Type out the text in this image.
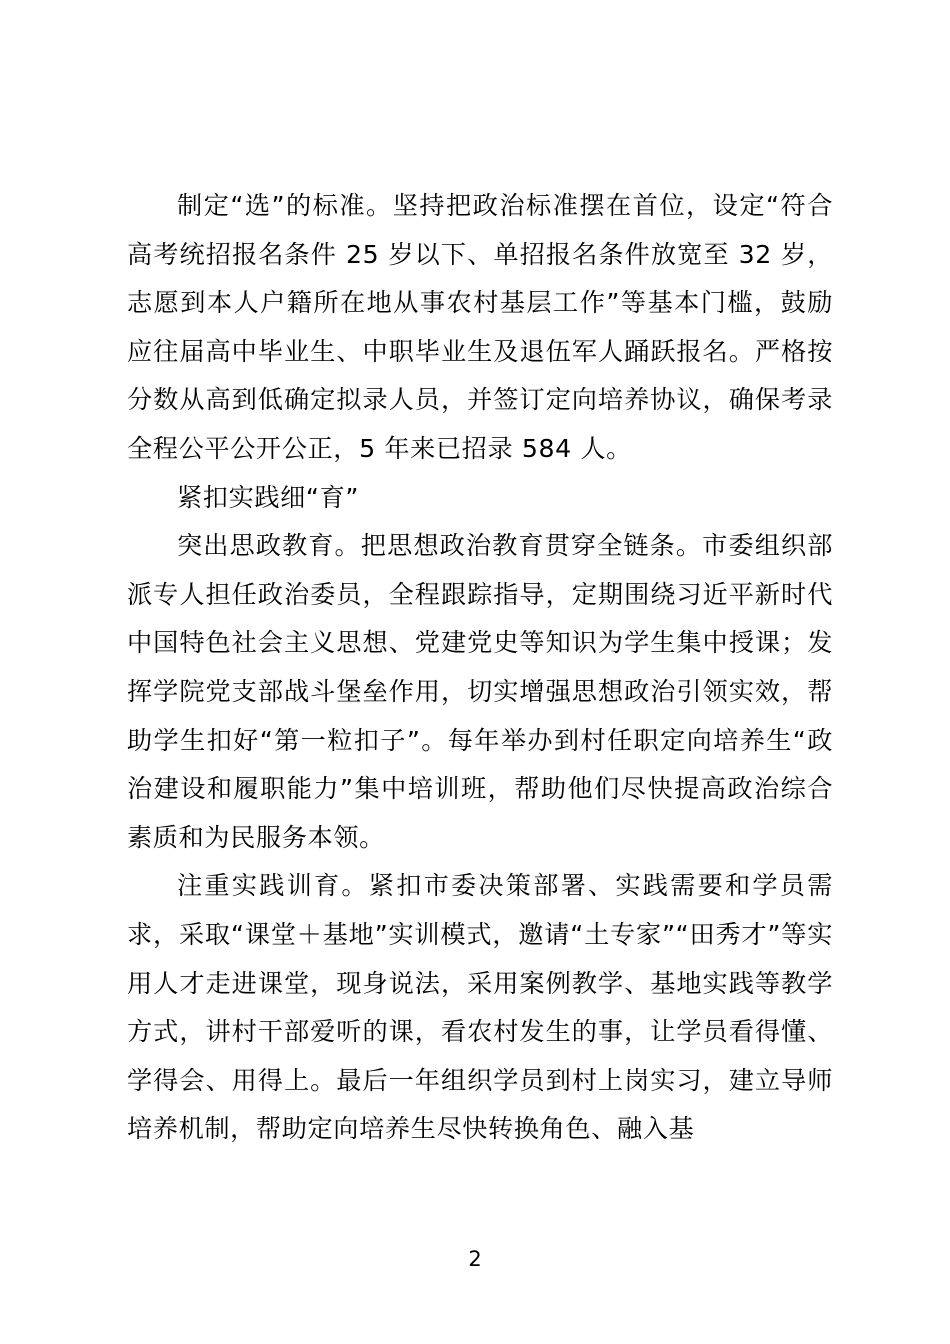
制定“选”的标准。坚持把政治标准摆在首位，设定“符合高考统招报名条件 25 岁以下、单招报名条件放宽至 32 岁，志愿到本人户籍所在地从事农村基层工作”等基本门槛，鼓励应往届高中毕业生、中职毕业生及退伍军人踊跃报名。严格按分数从高到低确定拟录人员，并签订定向培养协议，确保考录全程公平公开公正，5 年来已招录 584 人。

紧扣实践细“育”

突出思政教育。把思想政治教育贯穿全链条。市委组织部派专人担任政治委员，全程跟踪指导，定期围绕习近平新时代中国特色社会主义思想、党建党史等知识为学生集中授课；发挥学院党支部战斗堡垒作用，切实增强思想政治引领实效，帮助学生扣好“第一粒扣子”。每年举办到村任职定向培养生“政治建设和履职能力”集中培训班，帮助他们尽快提高政治综合素质和为民服务本领。

注重实践训育。紧扣市委决策部署、实践需要和学员需求，采取“课堂＋基地”实训模式，邀请“土专家”“田秀才”等实用人才走进课堂，现身说法，采用案例教学、基地实践等教学方式，讲村干部爱听的课，看农村发生的事，让学员看得懂、学得会、用得上。最后一年组织学员到村上岗实习，建立导师培养机制，帮助定向培养生尽快转换角色、融入基

2
